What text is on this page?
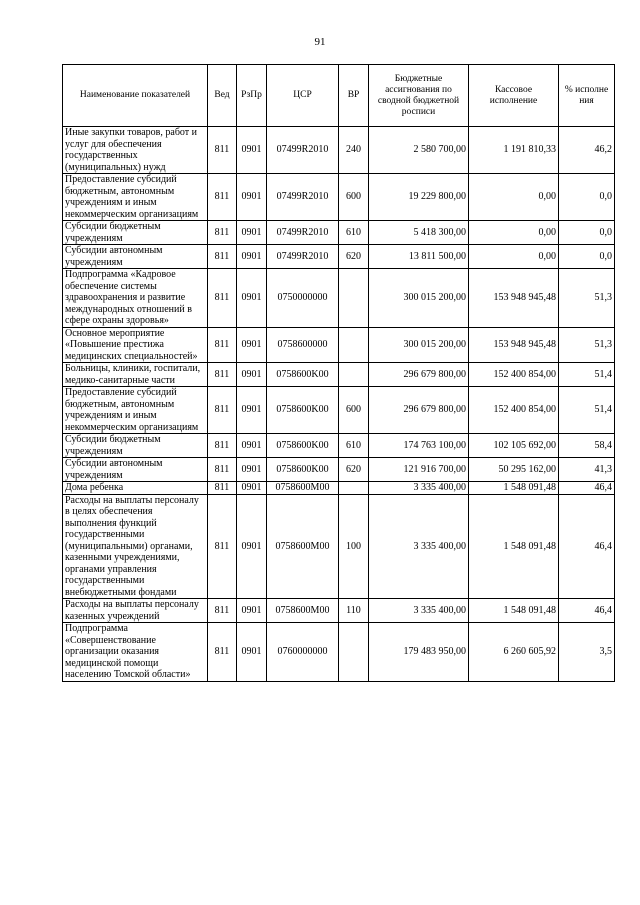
91
Наименование показателей	Вед	РзПр	ЦСР	ВР	Бюджетные ассигнования по сводной бюджетной росписи	Кассовое исполнение	% исполне ния
Иные закупки товаров, работ и услуг для обеспечения государственных (муниципальных) нужд	811	0901	07499R2010	240	2 580 700,00	1 191 810,33	46,2
Предоставление субсидий бюджетным, автономным учреждениям и иным некоммерческим организациям	811	0901	07499R2010	600	19 229 800,00	0,00	0,0
Субсидии бюджетным учреждениям	811	0901	07499R2010	610	5 418 300,00	0,00	0,0
Субсидии автономным учреждениям	811	0901	07499R2010	620	13 811 500,00	0,00	0,0
Подпрограмма «Кадровое обеспечение системы здравоохранения и развитие международных отношений в сфере охраны здоровья»	811	0901	0750000000		300 015 200,00	153 948 945,48	51,3
Основное мероприятие «Повышение престижа медицинских специальностей»	811	0901	0758600000		300 015 200,00	153 948 945,48	51,3
Больницы, клиники, госпитали, медико-санитарные части	811	0901	0758600K00		296 679 800,00	152 400 854,00	51,4
Предоставление субсидий бюджетным, автономным учреждениям и иным некоммерческим организациям	811	0901	0758600K00	600	296 679 800,00	152 400 854,00	51,4
Субсидии бюджетным учреждениям	811	0901	0758600K00	610	174 763 100,00	102 105 692,00	58,4
Субсидии автономным учреждениям	811	0901	0758600K00	620	121 916 700,00	50 295 162,00	41,3
Дома ребенка	811	0901	0758600M00		3 335 400,00	1 548 091,48	46,4
Расходы на выплаты персоналу в целях обеспечения выполнения функций государственными (муниципальными) органами, казенными учреждениями, органами управления государственными внебюджетными фондами	811	0901	0758600M00	100	3 335 400,00	1 548 091,48	46,4
Расходы на выплаты персоналу казенных учреждений	811	0901	0758600M00	110	3 335 400,00	1 548 091,48	46,4
Подпрограмма «Совершенствование организации оказания медицинской помощи населению Томской области»	811	0901	0760000000		179 483 950,00	6 260 605,92	3,5
